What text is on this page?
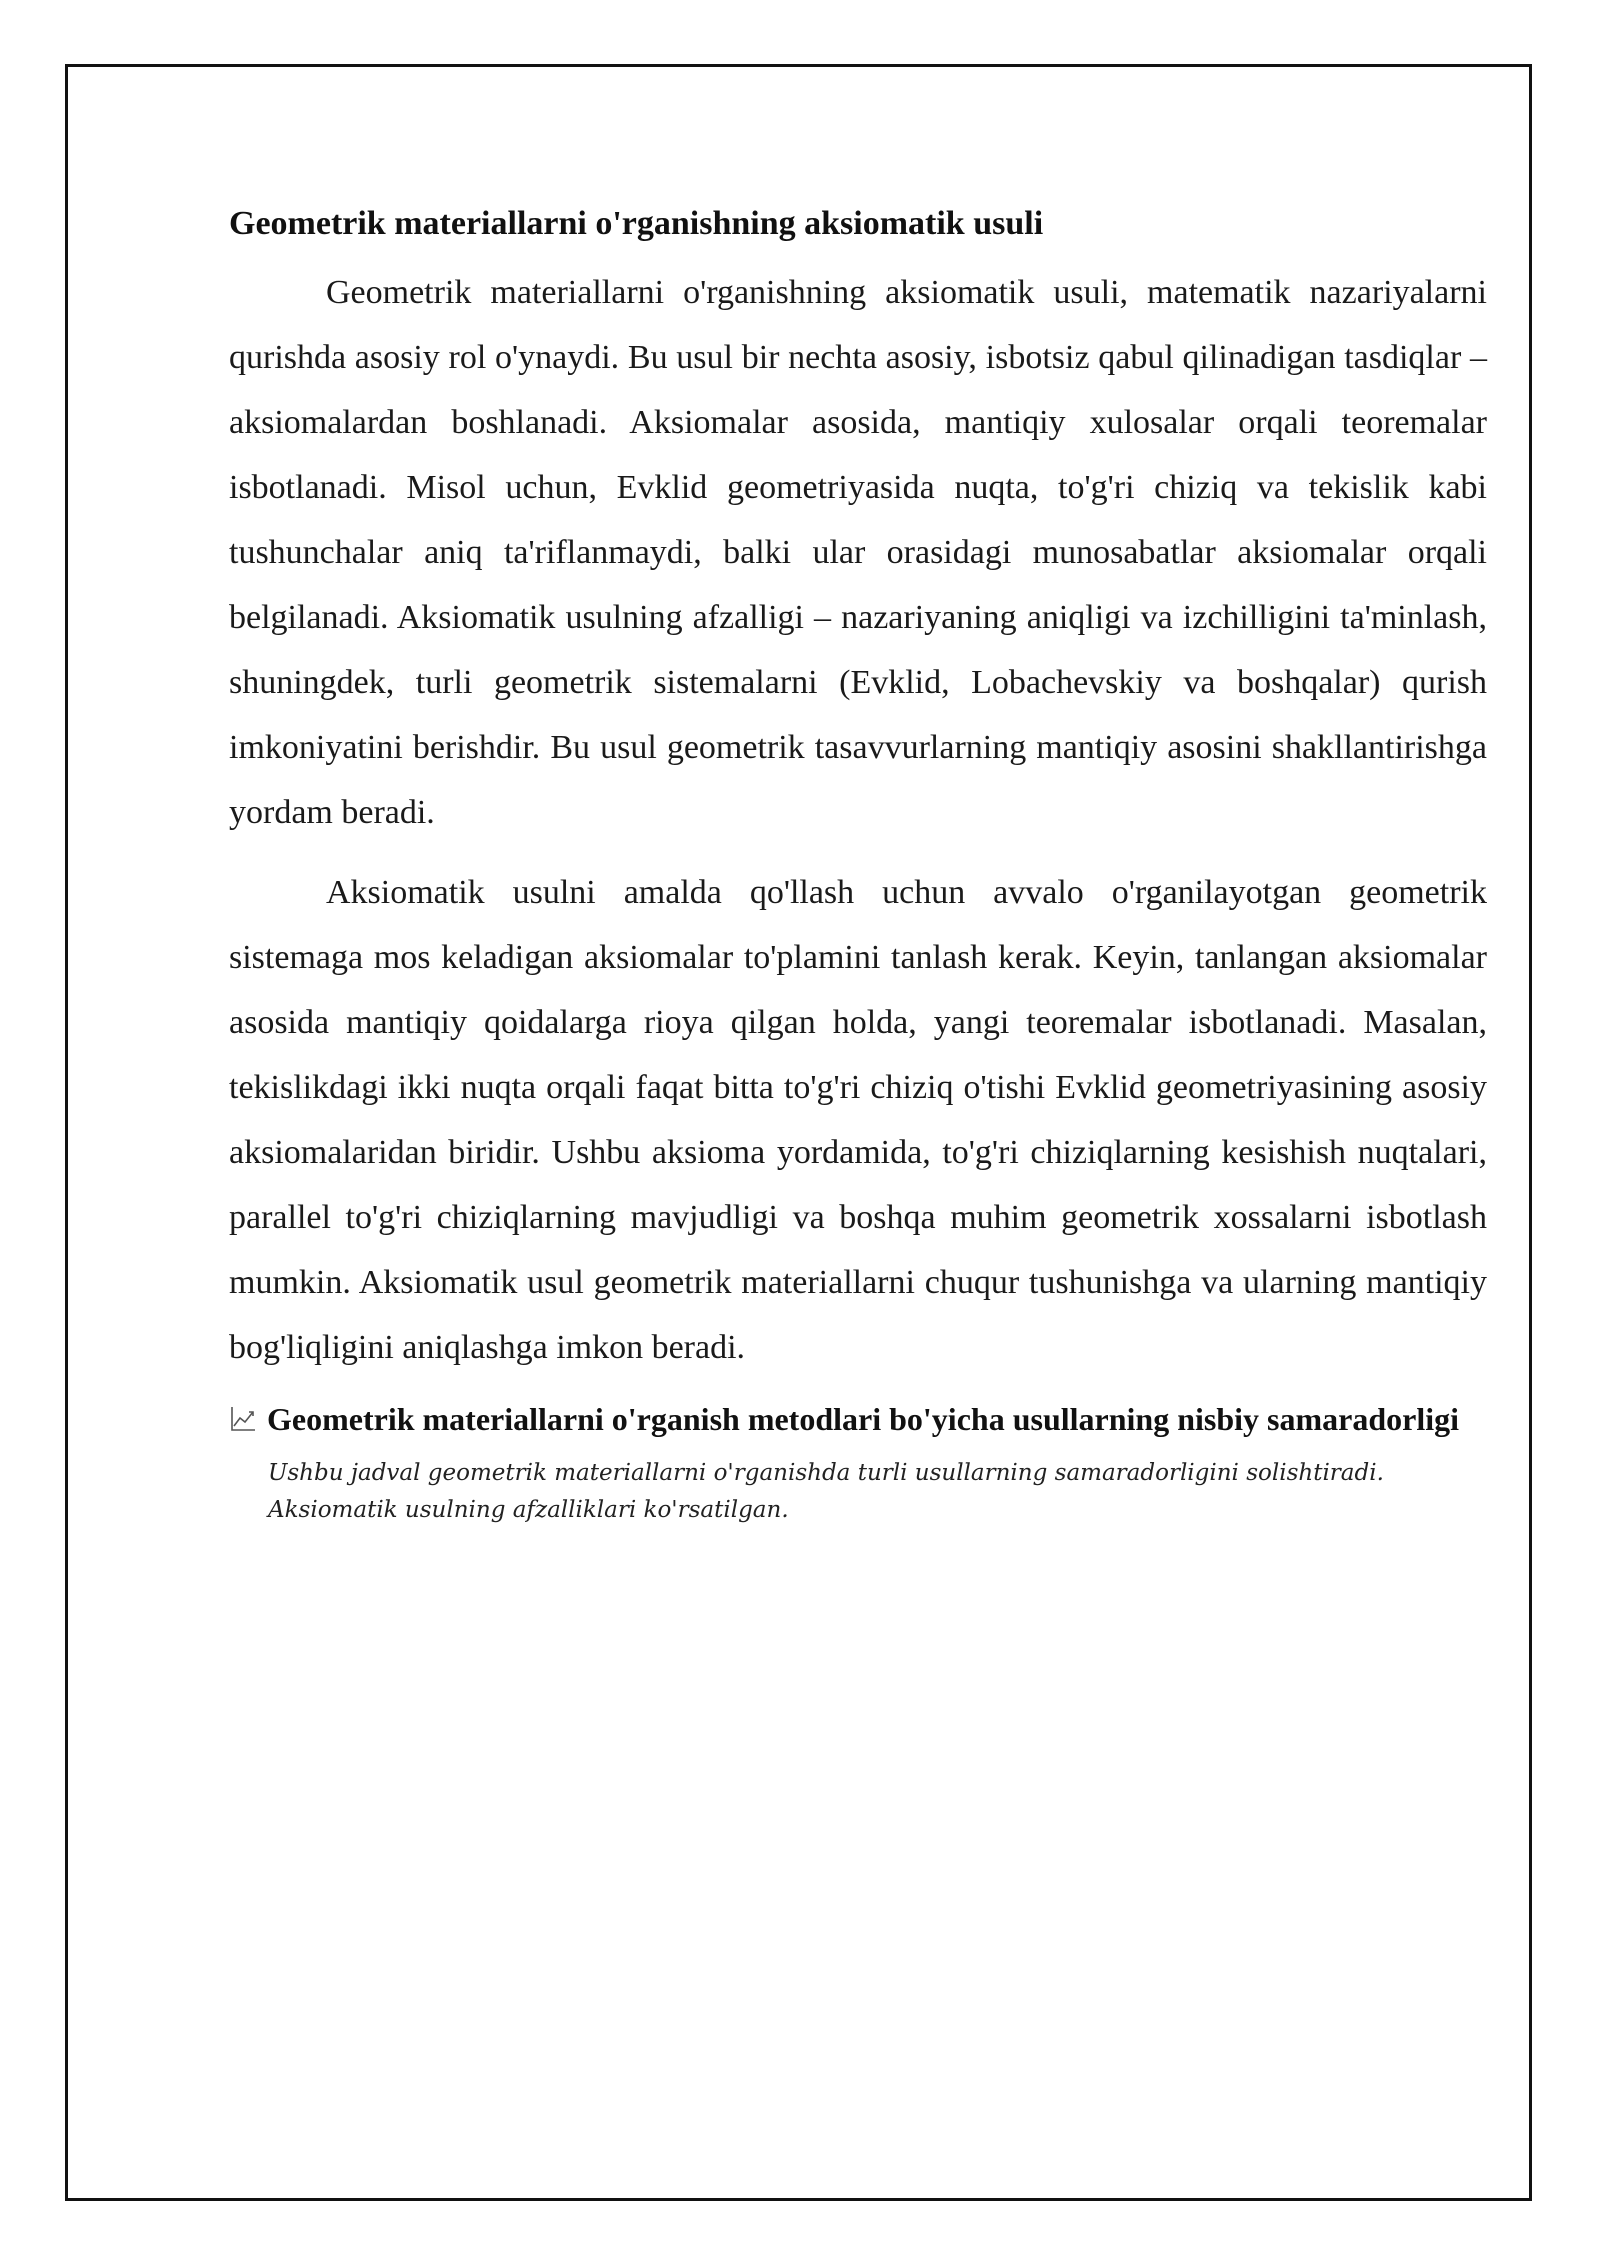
Geometrik materiallarni o'rganishning aksiomatik usuli

Geometrik materiallarni o'rganishning aksiomatik usuli, matematik nazariyalarni qurishda asosiy rol o'ynaydi. Bu usul bir nechta asosiy, isbotsiz qabul qilinadigan tasdiqlar – aksiomalardan boshlanadi. Aksiomalar asosida, mantiqiy xulosalar orqali teoremalar isbotlanadi. Misol uchun, Evklid geometriyasida nuqta, to'g'ri chiziq va tekislik kabi tushunchalar aniq ta'riflanmaydi, balki ular orasidagi munosabatlar aksiomalar orqali belgilanadi. Aksiomatik usulning afzalligi – nazariyaning aniqligi va izchilligini ta'minlash, shuningdek, turli geometrik sistemalarni (Evklid, Lobachevskiy va boshqalar) qurish imkoniyatini berishdir. Bu usul geometrik tasavvurlarning mantiqiy asosini shakllantirishga yordam beradi.

Aksiomatik usulni amalda qo'llash uchun avvalo o'rganilayotgan geometrik sistemaga mos keladigan aksiomalar to'plamini tanlash kerak. Keyin, tanlangan aksiomalar asosida mantiqiy qoidalarga rioya qilgan holda, yangi teoremalar isbotlanadi. Masalan, tekislikdagi ikki nuqta orqali faqat bitta to'g'ri chiziq o'tishi Evklid geometriyasining asosiy aksiomalaridan biridir. Ushbu aksioma yordamida, to'g'ri chiziqlarning kesishish nuqtalari, parallel to'g'ri chiziqlarning mavjudligi va boshqa muhim geometrik xossalarni isbotlash mumkin. Aksiomatik usul geometrik materiallarni chuqur tushunishga va ularning mantiqiy bog'liqligini aniqlashga imkon beradi.

Geometrik materiallarni o'rganish metodlari bo'yicha usullarning nisbiy samaradorligi

Ushbu jadval geometrik materiallarni o'rganishda turli usullarning samaradorligini solishtiradi. Aksiomatik usulning afzalliklari ko'rsatilgan.
